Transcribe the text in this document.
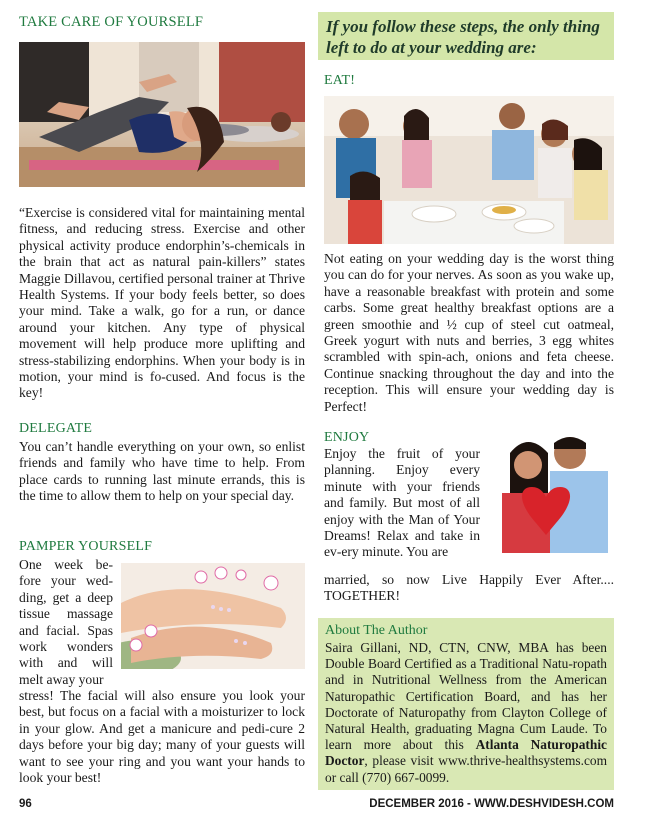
TAKE CARE OF YOURSELF
“Exercise is considered vital for maintaining mental fitness, and reducing stress. Exercise and other physical activity produce endorphin’s-chemicals in the brain that act as natural pain-killers” states Maggie Dillavou, certified personal trainer at Thrive Health Systems. If your body feels better, so does your mind. Take a walk, go for a run, or dance around your kitchen. Any type of physical movement will help produce more uplifting and stress-stabilizing endorphins. When your body is in motion, your mind is fo-cused. And focus is the key!
DELEGATE
You can’t handle everything on your own, so enlist friends and family who have time to help. From place cards to running last minute errands, this is the time to allow them to help on your special day.
PAMPER YOURSELF
One week be-fore your wed-ding, get a deep tissue massage and facial. Spas work wonders with and will melt away your
stress! The facial will also ensure you look your best, but focus on a facial with a moisturizer to lock in your glow. And get a manicure and pedi-cure 2 days before your big day; many of your guests will want to see your ring and you want your hands to look your best!
If you follow these steps, the only thing left to do at your wedding are:
EAT!
Not eating on your wedding day is the worst thing you can do for your nerves. As soon as you wake up, have a reasonable breakfast with protein and some carbs. Some great healthy breakfast options are a green smoothie and ½ cup of steel cut oatmeal, Greek yogurt with nuts and berries, 3 egg whites scrambled with spin-ach, onions and feta cheese. Continue snacking throughout the day and into the reception. This will ensure your wedding day is Perfect!
ENJOY
Enjoy the fruit of your planning. Enjoy every minute with your friends and family. But most of all enjoy with the Man of Your Dreams! Relax and take in ev-ery minute. You are
married, so now Live Happily Ever After.... TOGETHER!
About The Author
Saira Gillani, ND, CTN, CNW, MBA has been Double Board Certified as a Traditional Natu-ropath and in Nutritional Wellness from the American Naturopathic Certification Board, and has her Doctorate of Naturopathy from Clayton College of Natural Health, graduating Magna Cum Laude. To learn more about this Atlanta Naturopathic Doctor, please visit www.thrive-healthsystems.com or call (770) 667-0099.
96	DECEMBER 2016 - WWW.DESHVIDESH.COM
